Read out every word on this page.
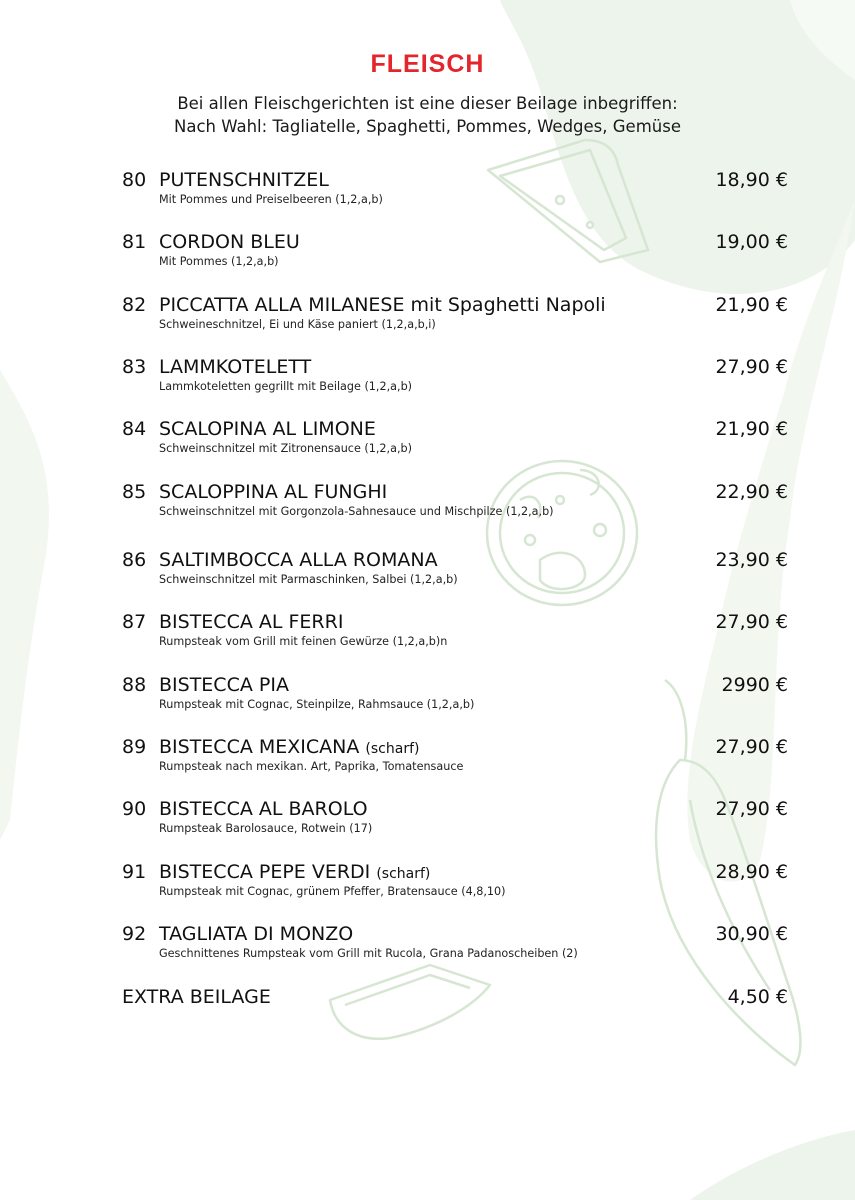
FLEISCH
Bei allen Fleischgerichten ist eine dieser Beilage inbegriffen:
Nach Wahl: Tagliatelle, Spaghetti, Pommes, Wedges, Gemüse
80 PUTENSCHNITZEL
Mit Pommes und Preiselbeeren (1,2,a,b)
18,90 €
81 CORDON BLEU
Mit Pommes (1,2,a,b)
19,00 €
82 PICCATTA ALLA MILANESE mit Spaghetti Napoli
Schweineschnitzel, Ei und Käse paniert (1,2,a,b,i)
21,90 €
83 LAMMKOTELETT
Lammkoteletten gegrillt mit Beilage (1,2,a,b)
27,90 €
84 SCALOPINA AL LIMONE
Schweinschnitzel mit Zitronensauce (1,2,a,b)
21,90 €
85 SCALOPPINA AL FUNGHI
Schweinschnitzel mit Gorgonzola-Sahnesauce und Mischpilze (1,2,a,b)
22,90 €
86 SALTIMBOCCA ALLA ROMANA
Schweinschnitzel mit Parmaschinken, Salbei (1,2,a,b)
23,90 €
87 BISTECCA AL FERRI
Rumpsteak vom Grill mit feinen Gewürze (1,2,a,b)n
27,90 €
88 BISTECCA PIA
Rumpsteak mit Cognac, Steinpilze, Rahmsauce (1,2,a,b)
2990 €
89 BISTECCA MEXICANA (scharf)
Rumpsteak nach mexikan. Art, Paprika, Tomatensauce
27,90 €
90 BISTECCA AL BAROLO
Rumpsteak Barolosauce, Rotwein (17)
27,90 €
91 BISTECCA PEPE VERDI (scharf)
Rumpsteak mit Cognac, grünem Pfeffer, Bratensauce (4,8,10)
28,90 €
92 TAGLIATA DI MONZO
Geschnittenes Rumpsteak vom Grill mit Rucola, Grana Padanoscheiben (2)
30,90 €
EXTRA BEILAGE	4,50 €
